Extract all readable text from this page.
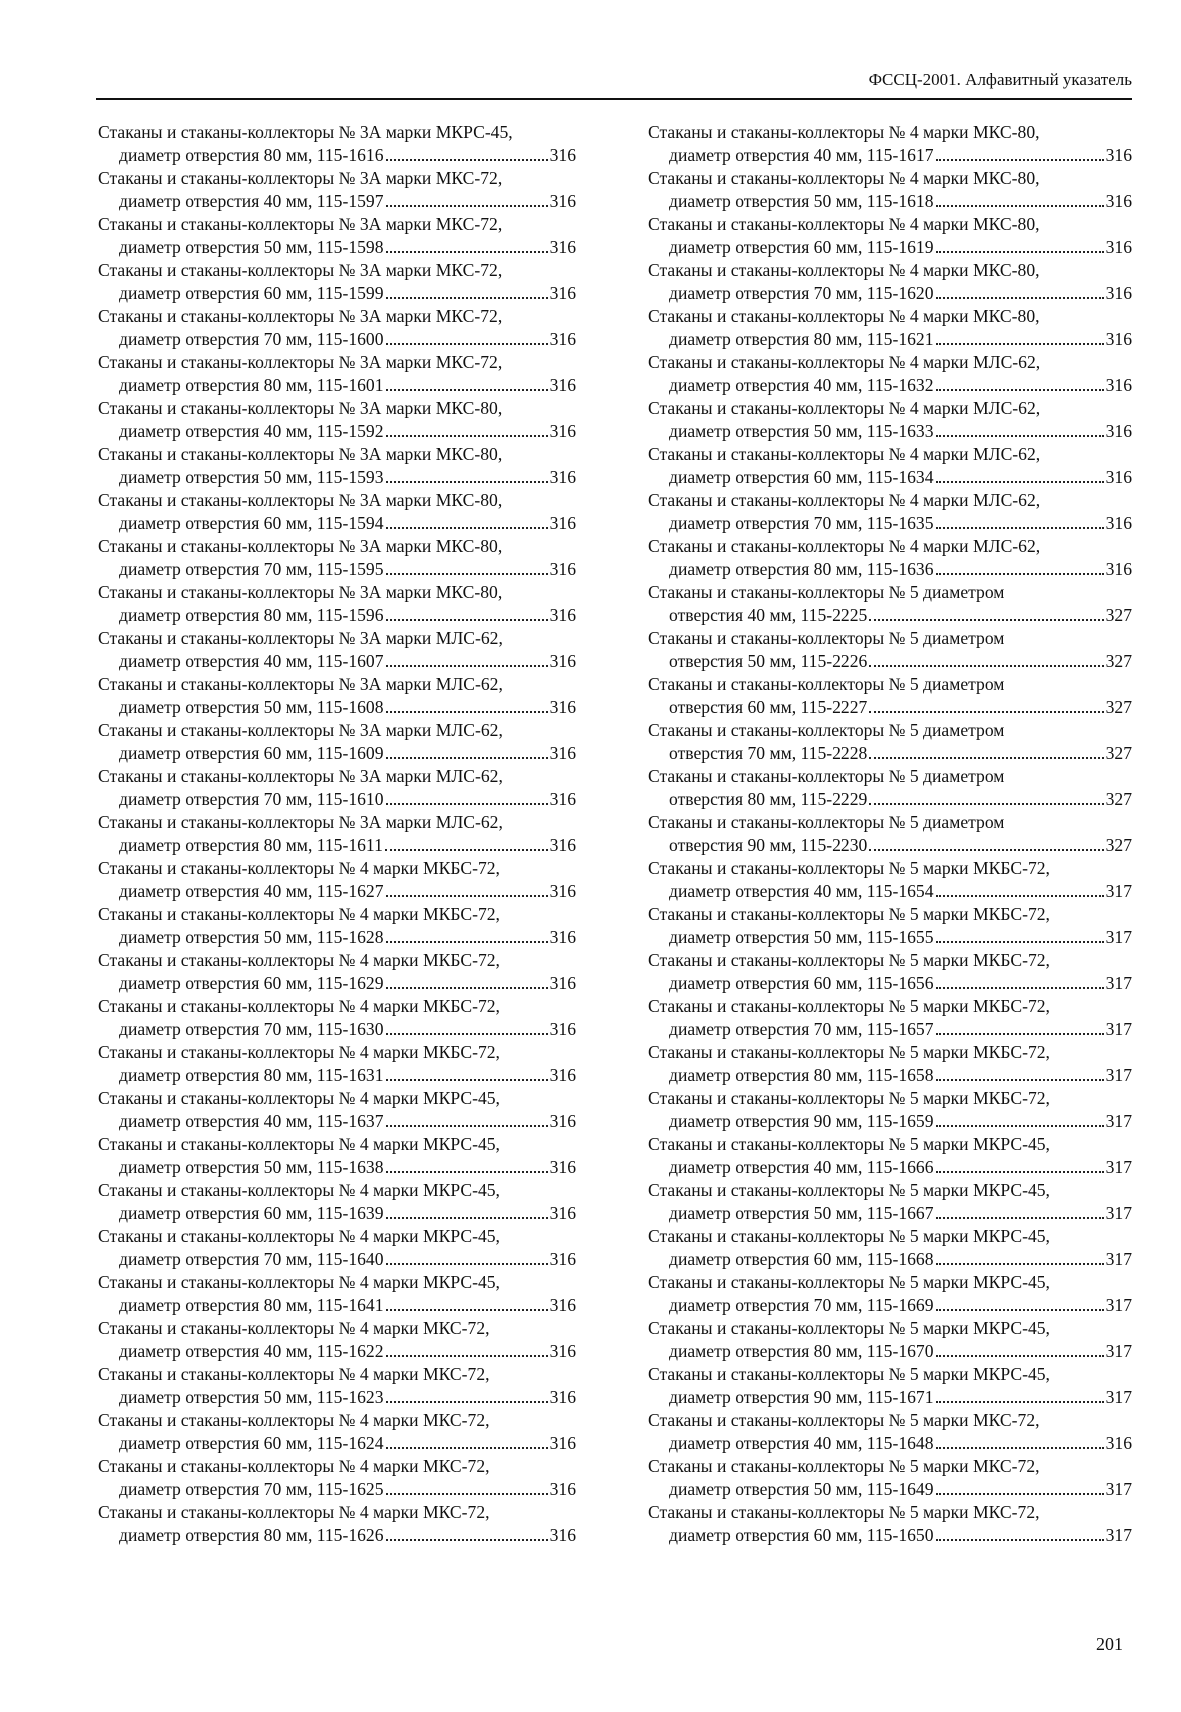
ФССЦ-2001. Алфавитный указатель
Стаканы и стаканы-коллекторы № 3А марки МКРС-45,
диаметр отверстия 80 мм, 115-1616	316
Стаканы и стаканы-коллекторы № 3А марки МКС-72,
диаметр отверстия 40 мм, 115-1597	316
Стаканы и стаканы-коллекторы № 3А марки МКС-72,
диаметр отверстия 50 мм, 115-1598	316
Стаканы и стаканы-коллекторы № 3А марки МКС-72,
диаметр отверстия 60 мм, 115-1599	316
Стаканы и стаканы-коллекторы № 3А марки МКС-72,
диаметр отверстия 70 мм, 115-1600	316
Стаканы и стаканы-коллекторы № 3А марки МКС-72,
диаметр отверстия 80 мм, 115-1601	316
Стаканы и стаканы-коллекторы № 3А марки МКС-80,
диаметр отверстия 40 мм, 115-1592	316
Стаканы и стаканы-коллекторы № 3А марки МКС-80,
диаметр отверстия 50 мм, 115-1593	316
Стаканы и стаканы-коллекторы № 3А марки МКС-80,
диаметр отверстия 60 мм, 115-1594	316
Стаканы и стаканы-коллекторы № 3А марки МКС-80,
диаметр отверстия 70 мм, 115-1595	316
Стаканы и стаканы-коллекторы № 3А марки МКС-80,
диаметр отверстия 80 мм, 115-1596	316
Стаканы и стаканы-коллекторы № 3А марки МЛС-62,
диаметр отверстия 40 мм, 115-1607	316
Стаканы и стаканы-коллекторы № 3А марки МЛС-62,
диаметр отверстия 50 мм, 115-1608	316
Стаканы и стаканы-коллекторы № 3А марки МЛС-62,
диаметр отверстия 60 мм, 115-1609	316
Стаканы и стаканы-коллекторы № 3А марки МЛС-62,
диаметр отверстия 70 мм, 115-1610	316
Стаканы и стаканы-коллекторы № 3А марки МЛС-62,
диаметр отверстия 80 мм, 115-1611	316
Стаканы и стаканы-коллекторы № 4 марки МКБС-72,
диаметр отверстия 40 мм, 115-1627	316
Стаканы и стаканы-коллекторы № 4 марки МКБС-72,
диаметр отверстия 50 мм, 115-1628	316
Стаканы и стаканы-коллекторы № 4 марки МКБС-72,
диаметр отверстия 60 мм, 115-1629	316
Стаканы и стаканы-коллекторы № 4 марки МКБС-72,
диаметр отверстия 70 мм, 115-1630	316
Стаканы и стаканы-коллекторы № 4 марки МКБС-72,
диаметр отверстия 80 мм, 115-1631	316
Стаканы и стаканы-коллекторы № 4 марки МКРС-45,
диаметр отверстия 40 мм, 115-1637	316
Стаканы и стаканы-коллекторы № 4 марки МКРС-45,
диаметр отверстия 50 мм, 115-1638	316
Стаканы и стаканы-коллекторы № 4 марки МКРС-45,
диаметр отверстия 60 мм, 115-1639	316
Стаканы и стаканы-коллекторы № 4 марки МКРС-45,
диаметр отверстия 70 мм, 115-1640	316
Стаканы и стаканы-коллекторы № 4 марки МКРС-45,
диаметр отверстия 80 мм, 115-1641	316
Стаканы и стаканы-коллекторы № 4 марки МКС-72,
диаметр отверстия 40 мм, 115-1622	316
Стаканы и стаканы-коллекторы № 4 марки МКС-72,
диаметр отверстия 50 мм, 115-1623	316
Стаканы и стаканы-коллекторы № 4 марки МКС-72,
диаметр отверстия 60 мм, 115-1624	316
Стаканы и стаканы-коллекторы № 4 марки МКС-72,
диаметр отверстия 70 мм, 115-1625	316
Стаканы и стаканы-коллекторы № 4 марки МКС-72,
диаметр отверстия 80 мм, 115-1626	316
Стаканы и стаканы-коллекторы № 4 марки МКС-80,
диаметр отверстия 40 мм, 115-1617	316
Стаканы и стаканы-коллекторы № 4 марки МКС-80,
диаметр отверстия 50 мм, 115-1618	316
Стаканы и стаканы-коллекторы № 4 марки МКС-80,
диаметр отверстия 60 мм, 115-1619	316
Стаканы и стаканы-коллекторы № 4 марки МКС-80,
диаметр отверстия 70 мм, 115-1620	316
Стаканы и стаканы-коллекторы № 4 марки МКС-80,
диаметр отверстия 80 мм, 115-1621	316
Стаканы и стаканы-коллекторы № 4 марки МЛС-62,
диаметр отверстия 40 мм, 115-1632	316
Стаканы и стаканы-коллекторы № 4 марки МЛС-62,
диаметр отверстия 50 мм, 115-1633	316
Стаканы и стаканы-коллекторы № 4 марки МЛС-62,
диаметр отверстия 60 мм, 115-1634	316
Стаканы и стаканы-коллекторы № 4 марки МЛС-62,
диаметр отверстия 70 мм, 115-1635	316
Стаканы и стаканы-коллекторы № 4 марки МЛС-62,
диаметр отверстия 80 мм, 115-1636	316
Стаканы и стаканы-коллекторы № 5 диаметром
отверстия 40 мм, 115-2225	327
Стаканы и стаканы-коллекторы № 5 диаметром
отверстия 50 мм, 115-2226	327
Стаканы и стаканы-коллекторы № 5 диаметром
отверстия 60 мм, 115-2227	327
Стаканы и стаканы-коллекторы № 5 диаметром
отверстия 70 мм, 115-2228	327
Стаканы и стаканы-коллекторы № 5 диаметром
отверстия 80 мм, 115-2229	327
Стаканы и стаканы-коллекторы № 5 диаметром
отверстия 90 мм, 115-2230	327
Стаканы и стаканы-коллекторы № 5 марки МКБС-72,
диаметр отверстия 40 мм, 115-1654	317
Стаканы и стаканы-коллекторы № 5 марки МКБС-72,
диаметр отверстия 50 мм, 115-1655	317
Стаканы и стаканы-коллекторы № 5 марки МКБС-72,
диаметр отверстия 60 мм, 115-1656	317
Стаканы и стаканы-коллекторы № 5 марки МКБС-72,
диаметр отверстия 70 мм, 115-1657	317
Стаканы и стаканы-коллекторы № 5 марки МКБС-72,
диаметр отверстия 80 мм, 115-1658	317
Стаканы и стаканы-коллекторы № 5 марки МКБС-72,
диаметр отверстия 90 мм, 115-1659	317
Стаканы и стаканы-коллекторы № 5 марки МКРС-45,
диаметр отверстия 40 мм, 115-1666	317
Стаканы и стаканы-коллекторы № 5 марки МКРС-45,
диаметр отверстия 50 мм, 115-1667	317
Стаканы и стаканы-коллекторы № 5 марки МКРС-45,
диаметр отверстия 60 мм, 115-1668	317
Стаканы и стаканы-коллекторы № 5 марки МКРС-45,
диаметр отверстия 70 мм, 115-1669	317
Стаканы и стаканы-коллекторы № 5 марки МКРС-45,
диаметр отверстия 80 мм, 115-1670	317
Стаканы и стаканы-коллекторы № 5 марки МКРС-45,
диаметр отверстия 90 мм, 115-1671	317
Стаканы и стаканы-коллекторы № 5 марки МКС-72,
диаметр отверстия 40 мм, 115-1648	316
Стаканы и стаканы-коллекторы № 5 марки МКС-72,
диаметр отверстия 50 мм, 115-1649	317
Стаканы и стаканы-коллекторы № 5 марки МКС-72,
диаметр отверстия 60 мм, 115-1650	317
201
